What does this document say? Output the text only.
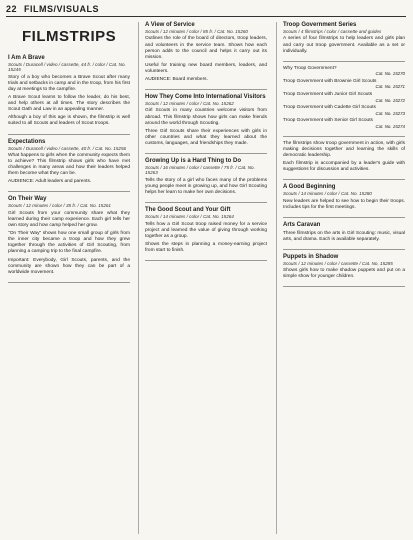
22 FILMS/VISUALS
FILMSTRIPS
I Am A Brave
Scouts / Duracell / video / cassette, 44 fr. / color / Cat. No. 15245

Story of a boy who becomes a Brave Scout after many trials and setbacks in camp and in the troop, from his first day at meetings to the campfire.

A Brave Scout learns to follow the leader, do his best, and help others at all times. The story describes the Scout Oath and Law in an appealing manner.

Although a boy of this age is shown, the filmstrip is well suited to all Scouts and leaders of Scout troops.

Expectations
Scouts / Duracell / video / cassette, 40 fr. / Cat. No. 15256

What happens to girls when the community expects them to achieve? This filmstrip shows girls who have met challenges in many areas and how their leaders helped them become what they can be.

AUDIENCE: Adult leaders and parents.

On Their Way
Scouts / 12 minutes / color / 35 fr. / Cat. No. 15261

Girl Scouts from your community share what they learned during their camp experience. Each girl tells her own story and how camp helped her grow.

"On Their Way" shows how one small group of girls from the inner city became a troop and how they grew together through the activities of Girl Scouting, from planning a camping trip to the final campfire.

Important: Everybody, Girl Scouts, parents, and the community are shown how they can be part of a worldwide movement.

A View of Service
Scouts / 12 minutes / color / 85 fr. / Cat. No. 15260

Outlines the role of the board of directors, troop leaders, and volunteers in the service team. Shows how each person adds to the council and helps it carry out its mission.

Useful for training new board members, leaders, and volunteers.

AUDIENCE: Board members.

How They Come Into International Visitors
Scouts / 12 minutes / color / Cat. No. 15262

Girl Scouts in many countries welcome visitors from abroad. This filmstrip shows how girls can make friends around the world through Scouting.

Three Girl Scouts share their experiences with girls in other countries and what they learned about the customs, languages, and friendships they made.

Growing Up is a Hard Thing to Do
Scouts / 16 minutes / color / cassette / 75 fr. / Cat. No. 15263

Tells the story of a girl who faces many of the problems young people meet in growing up, and how Girl Scouting helps her learn to make her own decisions.

The Good Scout and Your Gift
Scouts / 14 minutes / color / Cat. No. 15264

Tells how a Girl Scout troop raised money for a service project and learned the value of giving through working together as a group.

Shows the steps in planning a money-earning project from start to finish.

Troop Government Series
Scouts / 4 filmstrips / color / cassette and guides

A series of four filmstrips to help leaders and girls plan and carry out troop government. Available as a set or individually.

Why Troop Government?
Cat. No. 15270
Troop Government with Brownie Girl Scouts
Cat. No. 15271
Troop Government with Junior Girl Scouts
Cat. No. 15272
Troop Government with Cadette Girl Scouts
Cat. No. 15273
Troop Government with Senior Girl Scouts
Cat. No. 15274

The filmstrips show troop government in action, with girls making decisions together and learning the skills of democratic leadership.

Each filmstrip is accompanied by a leader's guide with suggestions for discussion and activities.

A Good Beginning
Scouts / 14 minutes / color / Cat. No. 15280

New leaders are helped to see how to begin their troops. Includes tips for the first meetings.

Arts Caravan

Three filmstrips on the arts in Girl Scouting: music, visual arts, and drama. Each is available separately.

Puppets in Shadow
Scouts / 12 minutes / color / cassette / Cat. No. 15285

Shows girls how to make shadow puppets and put on a simple show for younger children.
